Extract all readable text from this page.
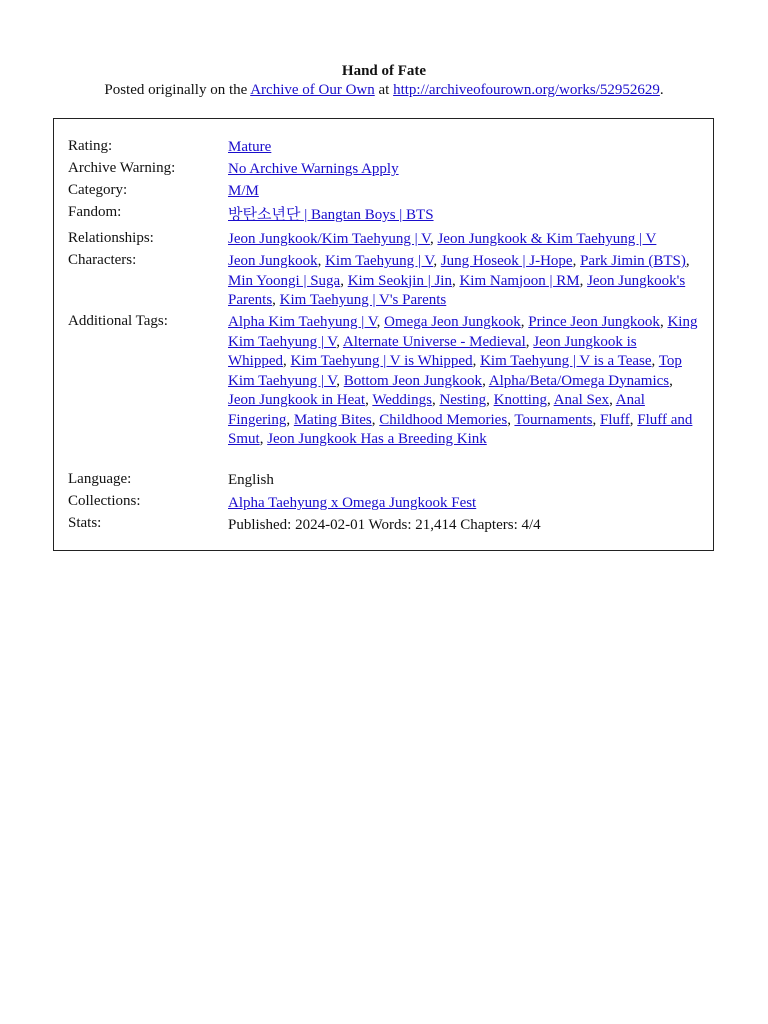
Hand of Fate
Posted originally on the Archive of Our Own at http://archiveofourown.org/works/52952629.
Rating:	Mature
Archive Warning:	No Archive Warnings Apply
Category:	M/M
Fandom:	방탄소년단 | Bangtan Boys | BTS
Relationships:	Jeon Jungkook/Kim Taehyung | V, Jeon Jungkook & Kim Taehyung | V
Characters:	Jeon Jungkook, Kim Taehyung | V, Jung Hoseok | J-Hope, Park Jimin (BTS), Min Yoongi | Suga, Kim Seokjin | Jin, Kim Namjoon | RM, Jeon Jungkook's Parents, Kim Taehyung | V's Parents
Additional Tags:	Alpha Kim Taehyung | V, Omega Jeon Jungkook, Prince Jeon Jungkook, King Kim Taehyung | V, Alternate Universe - Medieval, Jeon Jungkook is Whipped, Kim Taehyung | V is Whipped, Kim Taehyung | V is a Tease, Top Kim Taehyung | V, Bottom Jeon Jungkook, Alpha/Beta/Omega Dynamics, Jeon Jungkook in Heat, Weddings, Nesting, Knotting, Anal Sex, Anal Fingering, Mating Bites, Childhood Memories, Tournaments, Fluff, Fluff and Smut, Jeon Jungkook Has a Breeding Kink
Language:	English
Collections:	Alpha Taehyung x Omega Jungkook Fest
Stats:	Published: 2024-02-01 Words: 21,414 Chapters: 4/4
